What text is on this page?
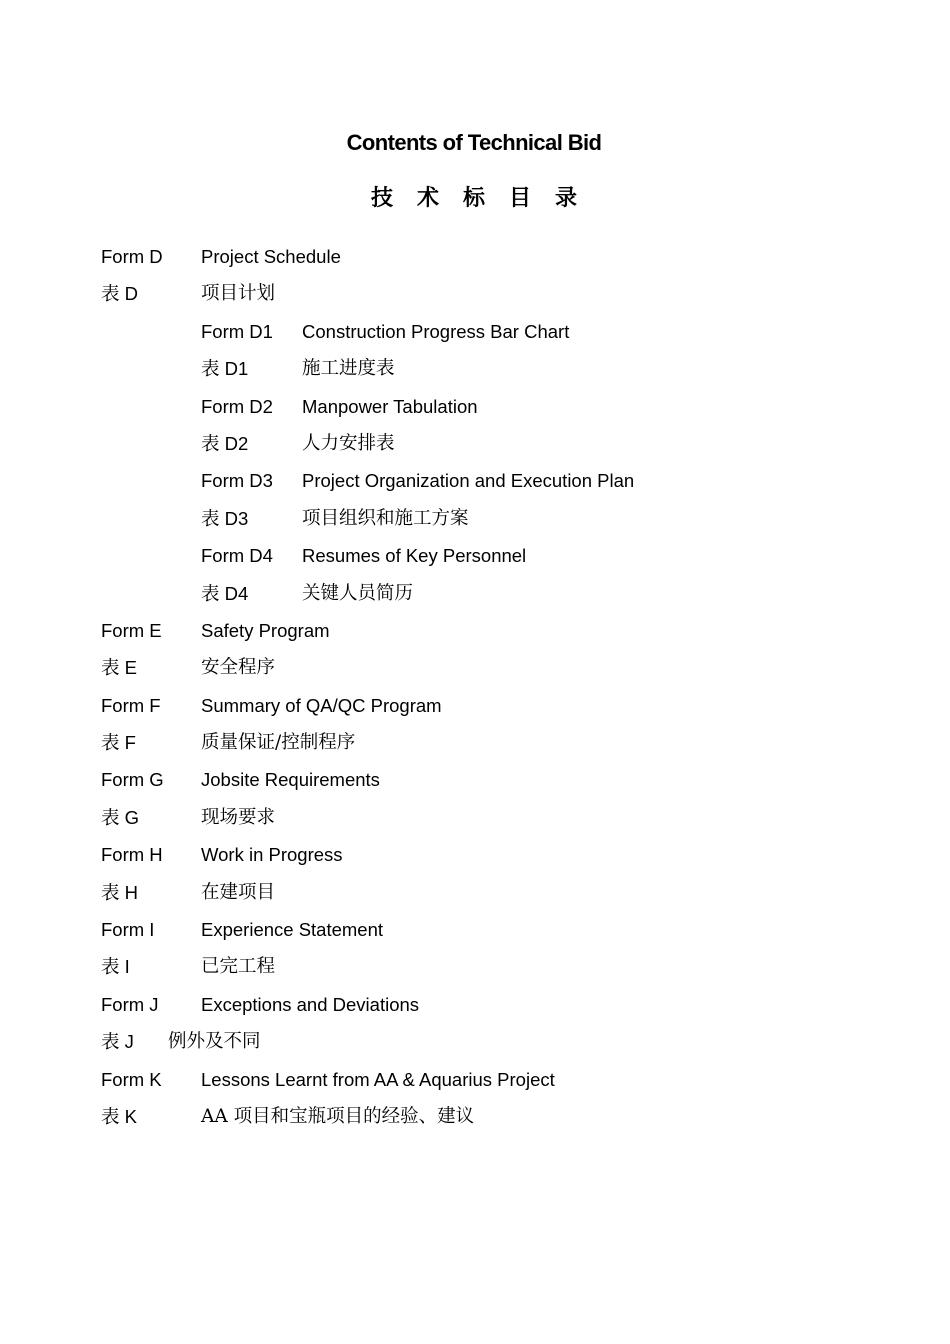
Contents of Technical Bid
技术标目录
Form D Project Schedule
表 D	项目计划
Form D1 Construction Progress Bar Chart
表 D1	施工进度表
Form D2 Manpower Tabulation
表 D2	人力安排表
Form D3 Project Organization and Execution Plan
表 D3	项目组织和施工方案
Form D4 Resumes of Key Personnel
表 D4	关键人员简历
Form E Safety Program
表 E	安全程序
Form F Summary of QA/QC Program
表 F	质量保证/控制程序
Form G Jobsite Requirements
表 G	现场要求
Form H Work in Progress
表 H	在建项目
Form I	Experience Statement
表 I	已完工程
Form J Exceptions and Deviations
表 J 例外及不同
Form K Lessons Learnt from AA & Aquarius Project
表 K	AA 项目和宝瓶项目的经验、建议
